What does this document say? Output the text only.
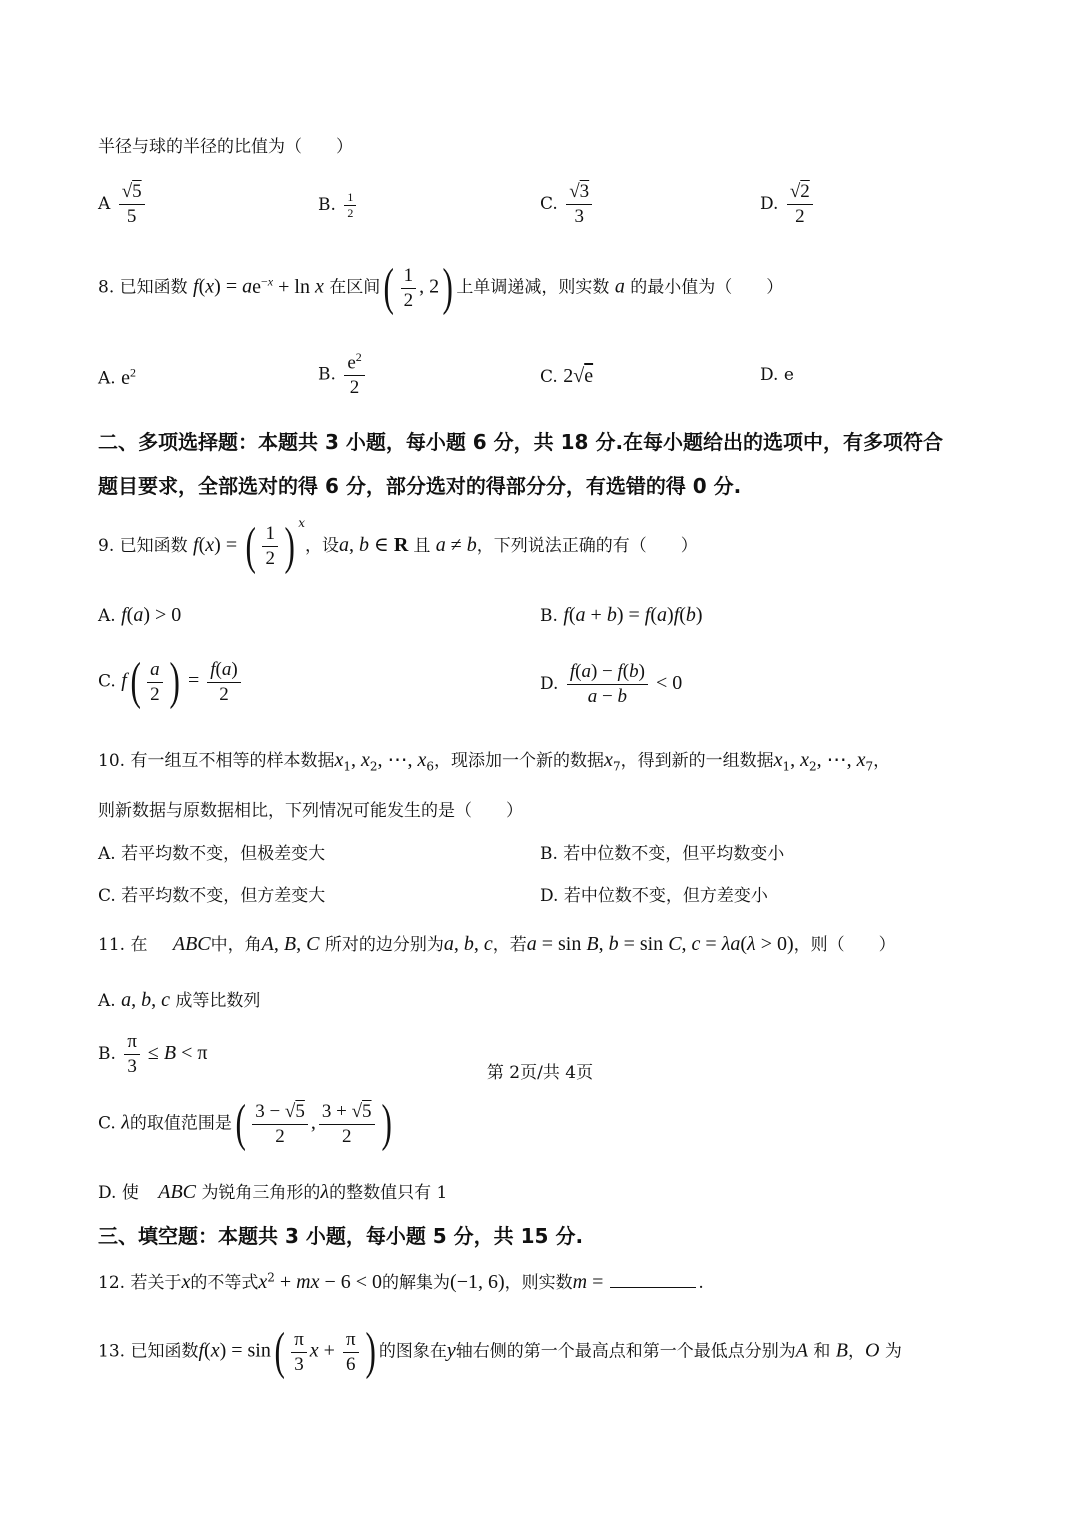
半径与球的半径的比值为（　　）
A $\frac{√5}{5}$	B. $\frac{1}{2}$	C. $\frac{√3}{3}$	D. $\frac{√2}{2}$
8. 已知函数 $f(x) = ae^{-x} + \ln x$ 在区间( $\frac{1}{2}$ , 2) 上单调递减，则实数 a 的最小值为（　　）
A. $e^2$	B. $\frac{e^2}{2}$	C. 2√e	D. e
二、多项选择题：本题共 3 小题，每小题 6 分，共 18 分.在每小题给出的选项中，有多项符合
题目要求，全部选对的得 6 分，部分选对的得部分分，有选错的得 0 分.
9. 已知函数 f(x) = ( $\frac{1}{2}$ ) $^x$，设a, b ∈ R 且 a ≠ b，下列说法正确的有（　　）
A. f(a) > 0	B. f(a + b) = f(a)f(b)
C. $f( \frac{a}{2}$ ) = $\frac{f(a)}{2}$	D. $\frac{f(a) - f(b)}{a - b} < 0$
10. 有一组互不相等的样本数据$x_1$, $x_2$, ⋯, $x_6$，现添加一个新的数据$x_7$，得到新的一组数据$x_1$, $x_2$, ⋯, $x_7$，
则新数据与原数据相比，下列情况可能发生的是（　　）
A. 若平均数不变，但极差变大	B. 若中位数不变，但平均数变小
C. 若平均数不变，但方差变大	D. 若中位数不变，但方差变小
11. 在 ABC中，角A, B, C 所对的边分别为a, b, c，若a = sin B, b = sin C, c = λa(λ > 0)，则（　　）
A. a, b, c 成等比数列
B. $\frac{\pi}{3} \le B < \pi$
C. λ的取值范围是( $\frac{3 - √5}{2}$ , $\frac{3 + √5}{2}$ )
D. 使 ABC 为锐角三角形的λ的整数值只有 1
三、填空题：本题共 3 小题，每小题 5 分，共 15 分.
12. 若关于x的不等式$x^2$ + mx − 6 < 0的解集为(−1, 6)，则实数m =	.
13. 已知函数$f(x) = \sin( \frac{\pi}{3}$ $x + \frac{\pi}{6}$ ) 的图象在y轴右侧的第一个最高点和第一个最低点分别为A 和 B，O 为
第 2页/共 4页
